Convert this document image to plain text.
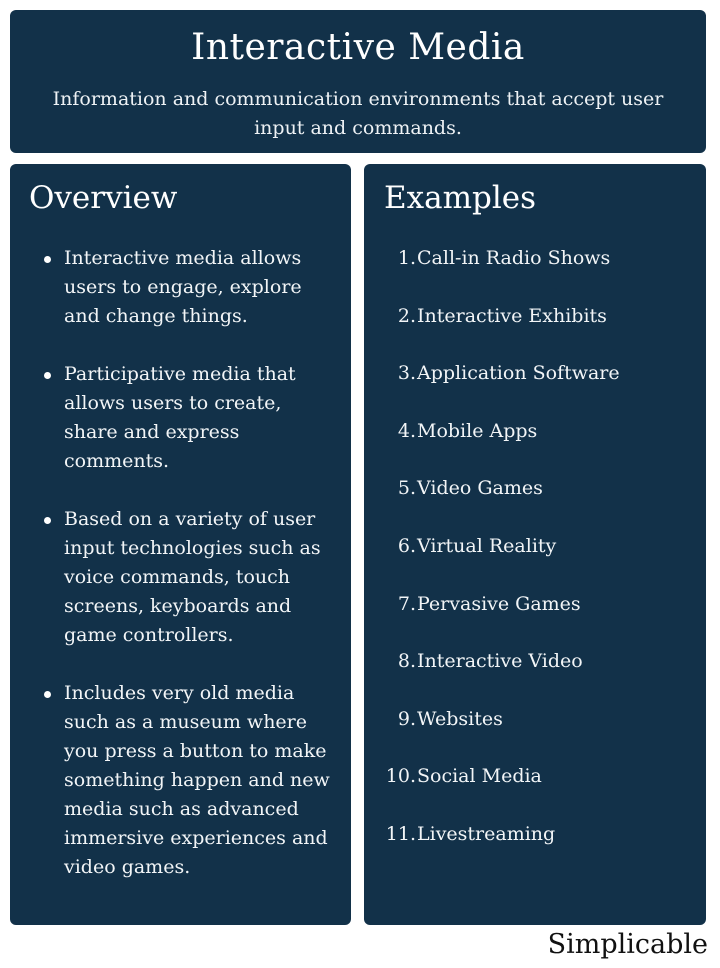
Interactive Media

Information and communication environments that accept user input and commands.

Overview
Interactive media allows users to engage, explore and change things.
Participative media that allows users to create, share and express comments.
Based on a variety of user input technologies such as voice commands, touch screens, keyboards and game controllers.
Includes very old media such as a museum where you press a button to make something happen and new media such as advanced immersive experiences and video games.
Examples
1. Call-in Radio Shows
2. Interactive Exhibits
3. Application Software
4. Mobile Apps
5. Video Games
6. Virtual Reality
7. Pervasive Games
8. Interactive Video
9. Websites
10. Social Media
11. Livestreaming
Simplicable
